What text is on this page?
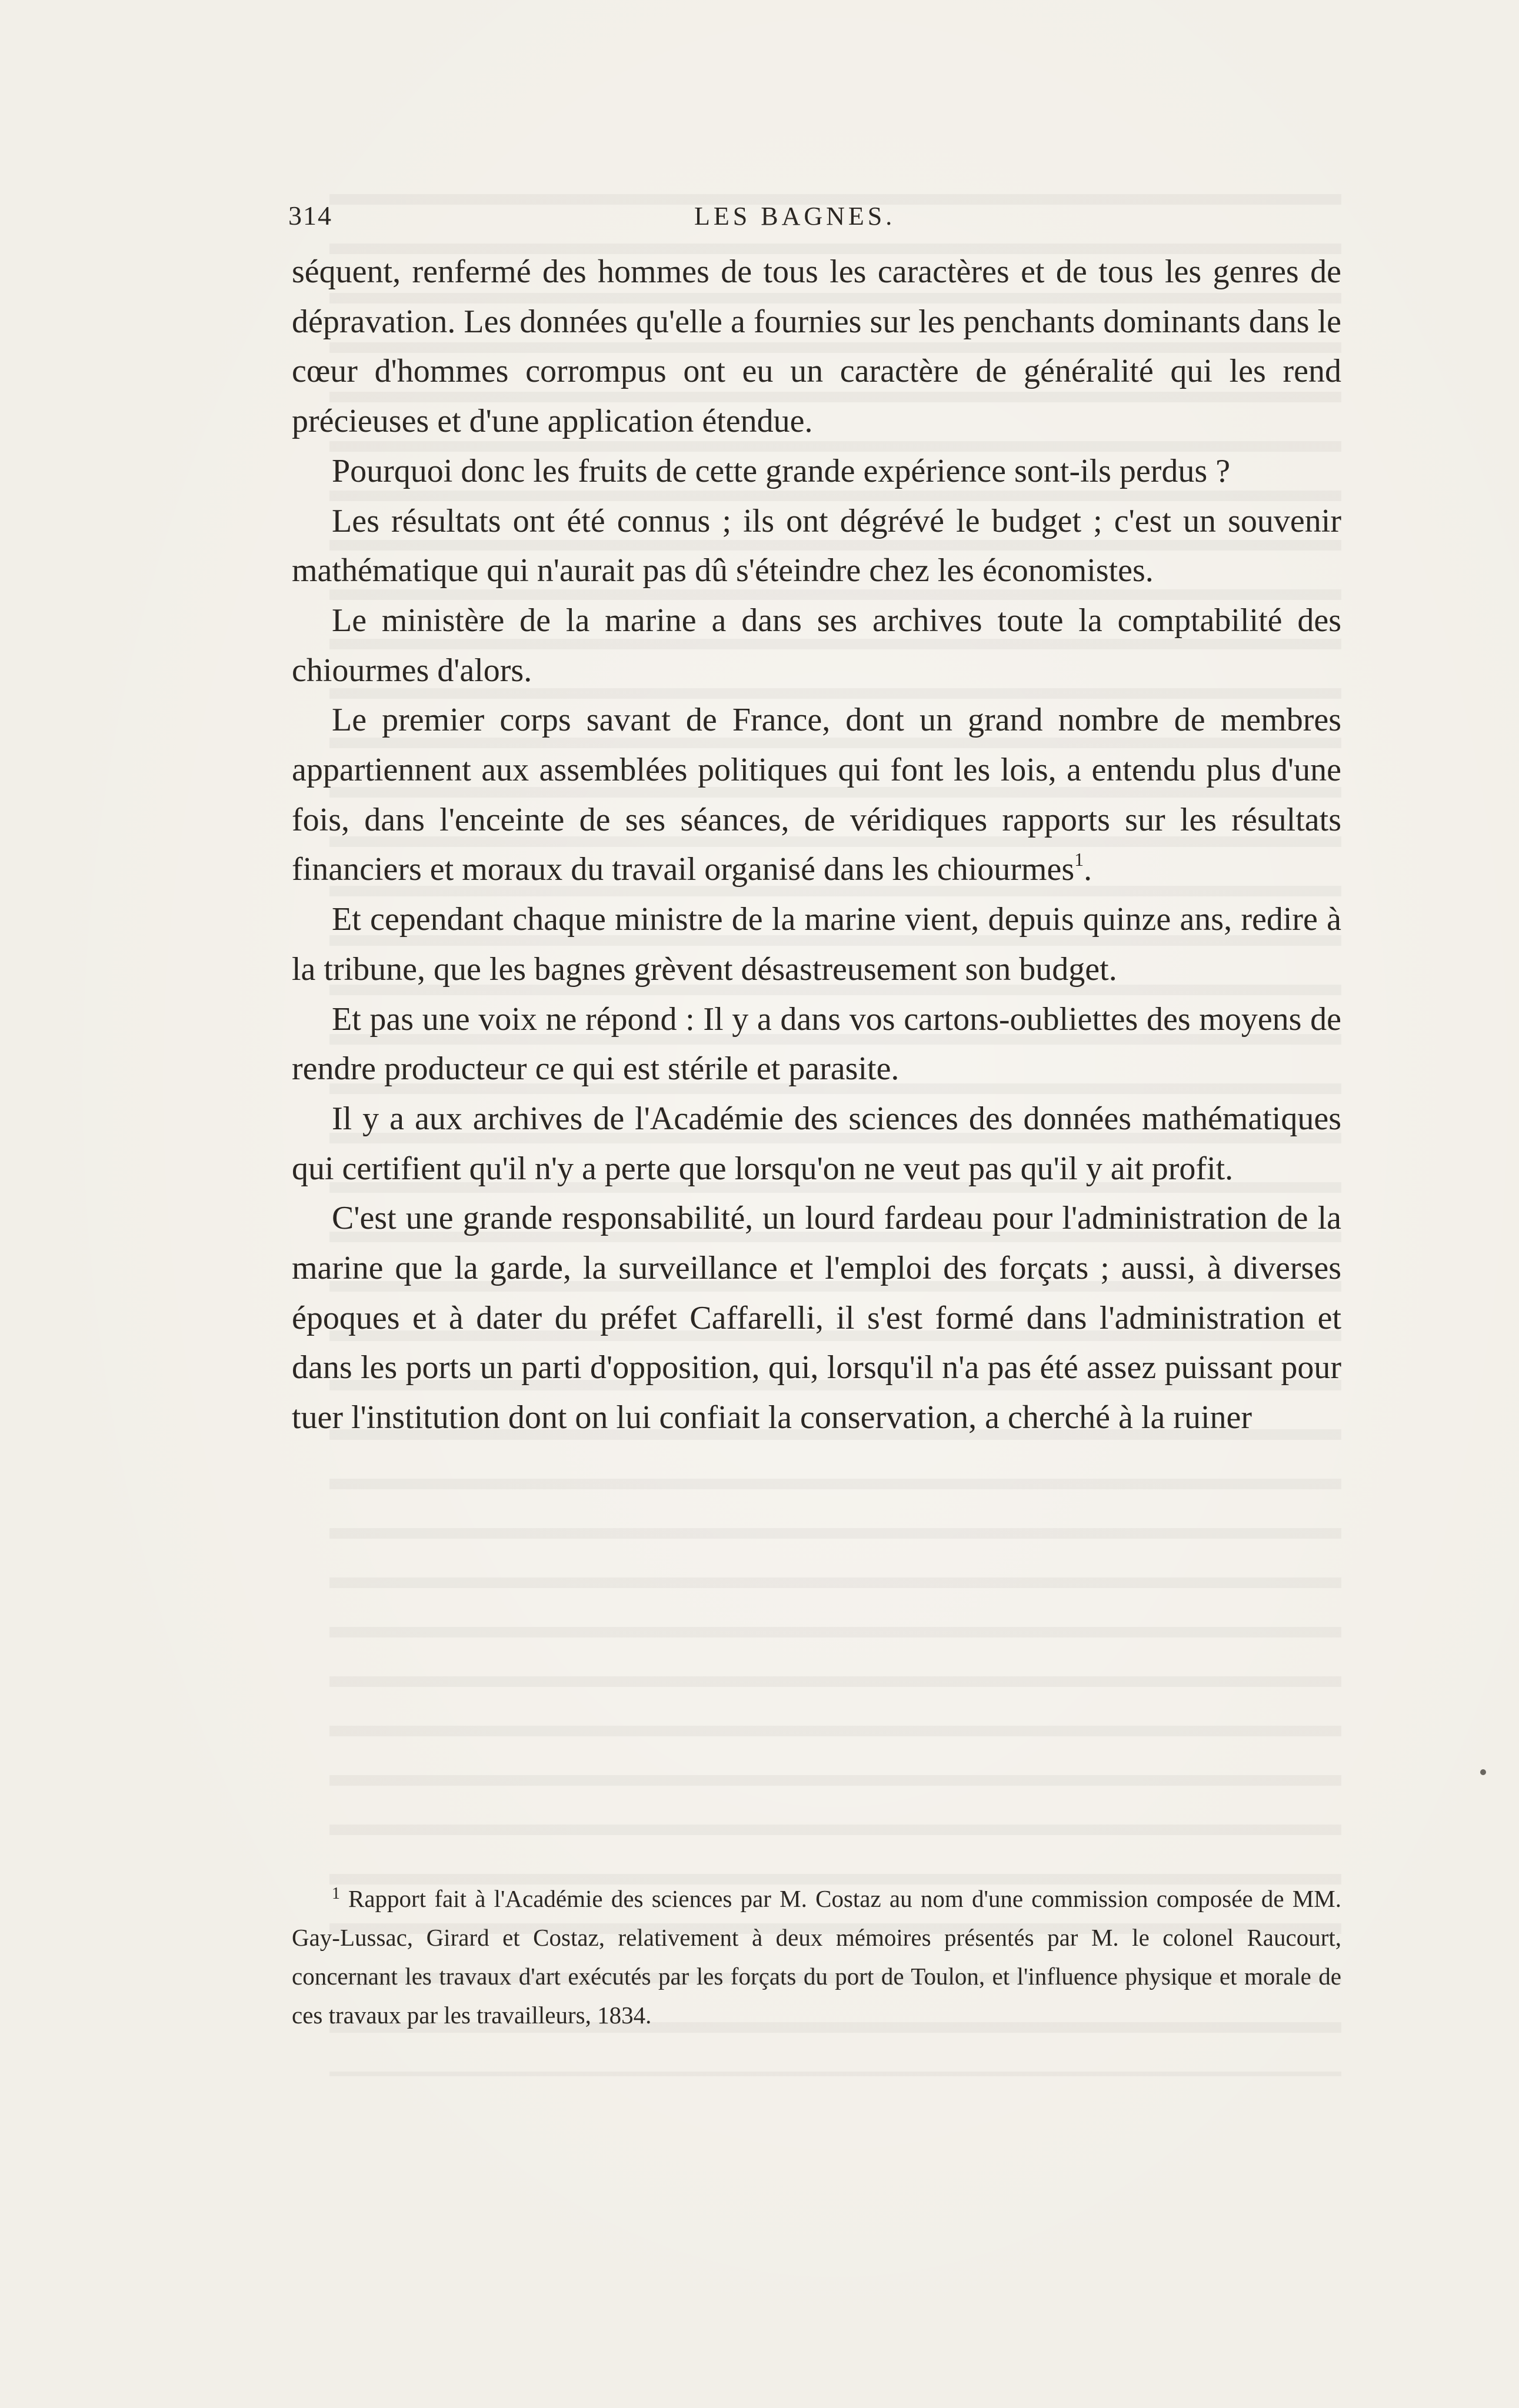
314	LES BAGNES.

séquent, renfermé des hommes de tous les caractères et de tous les genres de dépravation. Les données qu'elle a fournies sur les penchants dominants dans le cœur d'hommes corrompus ont eu un caractère de généralité qui les rend précieuses et d'une application étendue.

Pourquoi donc les fruits de cette grande expérience sont-ils perdus ?

Les résultats ont été connus ; ils ont dégrévé le budget ; c'est un souvenir mathématique qui n'aurait pas dû s'éteindre chez les économistes.

Le ministère de la marine a dans ses archives toute la comptabilité des chiourmes d'alors.

Le premier corps savant de France, dont un grand nombre de membres appartiennent aux assemblées politiques qui font les lois, a entendu plus d'une fois, dans l'enceinte de ses séances, de véridiques rapports sur les résultats financiers et moraux du travail organisé dans les chiourmes$^1$.

Et cependant chaque ministre de la marine vient, depuis quinze ans, redire à la tribune, que les bagnes grèvent désastreusement son budget.

Et pas une voix ne répond : Il y a dans vos cartons-oubliettes des moyens de rendre producteur ce qui est stérile et parasite.

Il y a aux archives de l'Académie des sciences des données mathématiques qui certifient qu'il n'y a perte que lorsqu'on ne veut pas qu'il y ait profit.

C'est une grande responsabilité, un lourd fardeau pour l'administration de la marine que la garde, la surveillance et l'emploi des forçats ; aussi, à diverses époques et à dater du préfet Caffarelli, il s'est formé dans l'administration et dans les ports un parti d'opposition, qui, lorsqu'il n'a pas été assez puissant pour tuer l'institution dont on lui confiait la conservation, a cherché à la ruiner

$^1$ Rapport fait à l'Académie des sciences par M. Costaz au nom d'une commission composée de MM. Gay-Lussac, Girard et Costaz, relativement à deux mémoires présentés par M. le colonel Raucourt, concernant les travaux d'art exécutés par les forçats du port de Toulon, et l'influence physique et morale de ces travaux par les travailleurs, 1834.
